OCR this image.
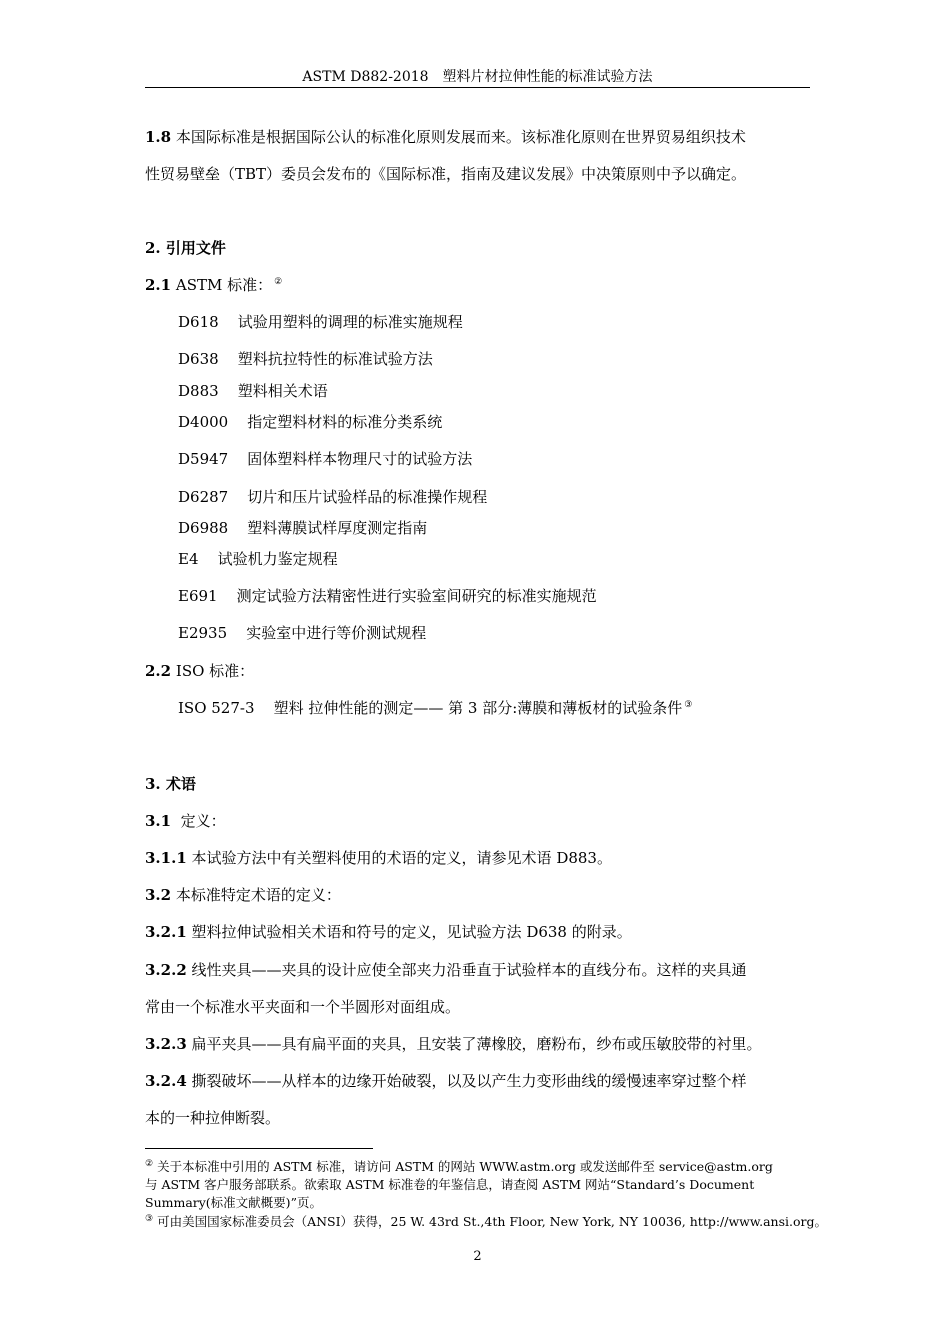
ASTM D882-2018　塑料片材拉伸性能的标准试验方法
1.8 本国际标准是根据国际公认的标准化原则发展而来。该标准化原则在世界贸易组织技术
性贸易壁垒（TBT）委员会发布的《国际标准，指南及建议发展》中决策原则中予以确定。
2. 引用文件
2.1 ASTM 标准： ②
D618 试验用塑料的调理的标准实施规程
D638 塑料抗拉特性的标准试验方法
D883 塑料相关术语
D4000 指定塑料材料的标准分类系统
D5947 固体塑料样本物理尺寸的试验方法
D6287 切片和压片试验样品的标准操作规程
D6988 塑料薄膜试样厚度测定指南
E4 试验机力鉴定规程
E691 测定试验方法精密性进行实验室间研究的标准实施规范
E2935 实验室中进行等价测试规程
2.2 ISO 标准：
ISO 527-3 塑料 拉伸性能的测定—— 第 3 部分:薄膜和薄板材的试验条件 ③
3. 术语
3.1 定义：
3.1.1 本试验方法中有关塑料使用的术语的定义，请参见术语 D883。
3.2 本标准特定术语的定义：
3.2.1 塑料拉伸试验相关术语和符号的定义，见试验方法 D638 的附录。
3.2.2 线性夹具——夹具的设计应使全部夹力沿垂直于试验样本的直线分布。这样的夹具通
常由一个标准水平夹面和一个半圆形对面组成。
3.2.3 扁平夹具——具有扁平面的夹具，且安装了薄橡胶，磨粉布，纱布或压敏胶带的衬里。
3.2.4 撕裂破坏——从样本的边缘开始破裂，以及以产生力变形曲线的缓慢速率穿过整个样
本的一种拉伸断裂。
② 关于本标准中引用的 ASTM 标准，请访问 ASTM 的网站 WWW.astm.org 或发送邮件至 service@astm.org
与 ASTM 客户服务部联系。欲索取 ASTM 标准卷的年鉴信息，请查阅 ASTM 网站“Standard’s Document
Summary(标准文献概要)”页。
③ 可由美国国家标准委员会（ANSI）获得，25 W. 43rd St.,4th Floor, New York, NY 10036, http://www.ansi.org。
2
